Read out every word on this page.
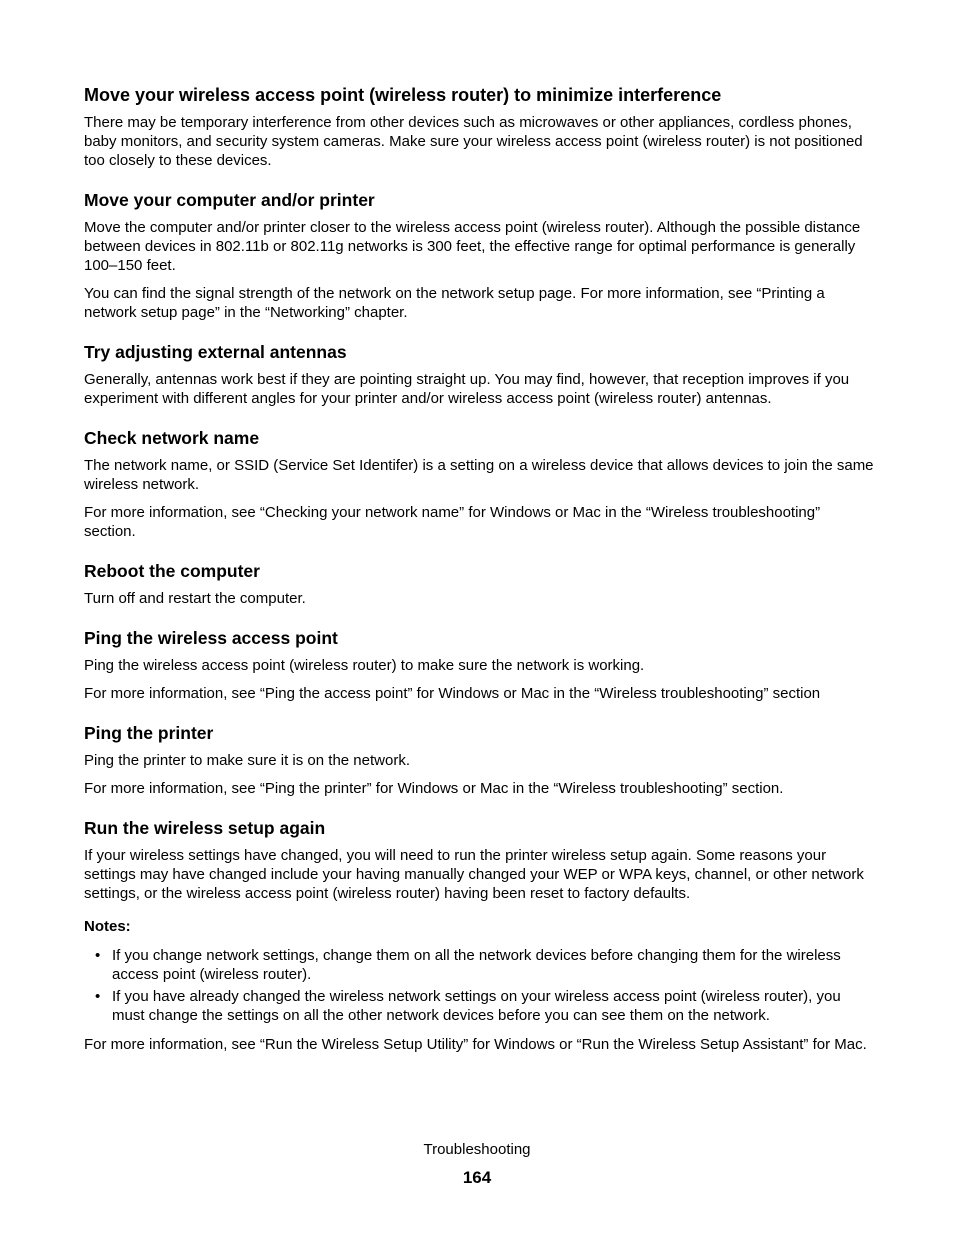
Move your wireless access point (wireless router) to minimize interference

There may be temporary interference from other devices such as microwaves or other appliances, cordless phones, baby monitors, and security system cameras. Make sure your wireless access point (wireless router) is not positioned too closely to these devices.

Move your computer and/or printer

Move the computer and/or printer closer to the wireless access point (wireless router). Although the possible distance between devices in 802.11b or 802.11g networks is 300 feet, the effective range for optimal performance is generally 100–150 feet.

You can find the signal strength of the network on the network setup page. For more information, see “Printing a network setup page” in the “Networking” chapter.

Try adjusting external antennas

Generally, antennas work best if they are pointing straight up. You may find, however, that reception improves if you experiment with different angles for your printer and/or wireless access point (wireless router) antennas.

Check network name

The network name, or SSID (Service Set Identifer) is a setting on a wireless device that allows devices to join the same wireless network.

For more information, see “Checking your network name” for Windows or Mac in the “Wireless troubleshooting” section.

Reboot the computer

Turn off and restart the computer.

Ping the wireless access point

Ping the wireless access point (wireless router) to make sure the network is working.

For more information, see “Ping the access point” for Windows or Mac in the “Wireless troubleshooting” section

Ping the printer

Ping the printer to make sure it is on the network.

For more information, see “Ping the printer” for Windows or Mac in the “Wireless troubleshooting” section.

Run the wireless setup again

If your wireless settings have changed, you will need to run the printer wireless setup again. Some reasons your settings may have changed include your having manually changed your WEP or WPA keys, channel, or other network settings, or the wireless access point (wireless router) having been reset to factory defaults.

Notes:
• If you change network settings, change them on all the network devices before changing them for the wireless access point (wireless router).
• If you have already changed the wireless network settings on your wireless access point (wireless router), you must change the settings on all the other network devices before you can see them on the network.

For more information, see “Run the Wireless Setup Utility” for Windows or “Run the Wireless Setup Assistant” for Mac.

Troubleshooting
164
